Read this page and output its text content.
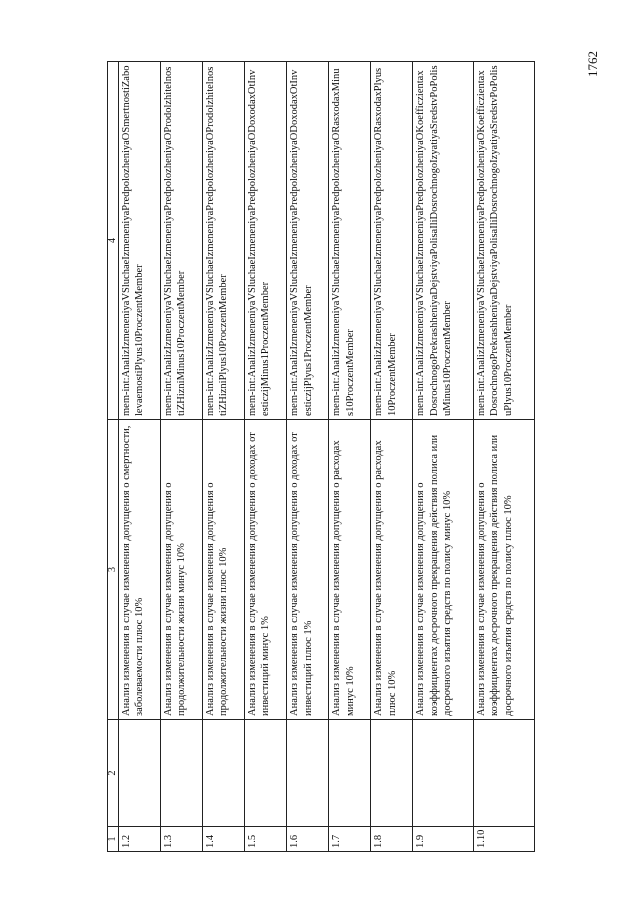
1	2	3	4
1.2		Анализ изменения в случае изменения допущения о смертности, заболеваемости плюс 10%	mem-int:AnalizIzmeneniyaVSluchaeIzmeneniyaPredpolozheniyaOSmertnostiZabolevaemostiPlyus10ProczentMember
1.3		Анализ изменения в случае изменения допущения о продолжительности жизни минус 10%	mem-int:AnalizIzmeneniyaVSluchaeIzmeneniyaPredpolozheniyaOProdolzhitelnostiZHizniMinus10ProczentMember
1.4		Анализ изменения в случае изменения допущения о продолжительности жизни плюс 10%	mem-int:AnalizIzmeneniyaVSluchaeIzmeneniyaPredpolozheniyaOProdolzhitelnostiZHizniPlyus10ProczentMember
1.5		Анализ изменения в случае изменения допущения о доходах от инвестиций минус 1%	mem-int:AnalizIzmeneniyaVSluchaeIzmeneniyaPredpolozheniyaODoxodaxOtInvesticzijMinus1ProczentMember
1.6		Анализ изменения в случае изменения допущения о доходах от инвестиций плюс 1%	mem-int:AnalizIzmeneniyaVSluchaeIzmeneniyaPredpolozheniyaODoxodaxOtInvesticzijPlyus1ProczentMember
1.7		Анализ изменения в случае изменения допущения о расходах минус 10%	mem-int:AnalizIzmeneniyaVSluchaeIzmeneniyaPredpolozheniyaORasxodaxMinus10ProczentMember
1.8		Анализ изменения в случае изменения допущения о расходах плюс 10%	mem-int:AnalizIzmeneniyaVSluchaeIzmeneniyaPredpolozheniyaORasxodaxPlyus10ProczentMember
1.9		Анализ изменения в случае изменения допущения о коэффициентах досрочного прекращения действия полиса или досрочного изъятия средств по полису минус 10%	mem-int:AnalizIzmeneniyaVSluchaeIzmeneniyaPredpolozheniyaOKoefficzientaxDosrochnogoPrekrashheniyaDejstviyaPolisaIliDosrochnogoIzyatiyaSredstvPoPolisuMinus10ProczentMember
1.10		Анализ изменения в случае изменения допущения о коэффициентах досрочного прекращения действия полиса или досрочного изъятия средств по полису плюс 10%	mem-int:AnalizIzmeneniyaVSluchaeIzmeneniyaPredpolozheniyaOKoefficzientaxDosrochnogoPrekrashheniyaDejstviyaPolisaIliDosrochnogoIzyatiyaSredstvPoPolisuPlyus10ProczentMember
1762
